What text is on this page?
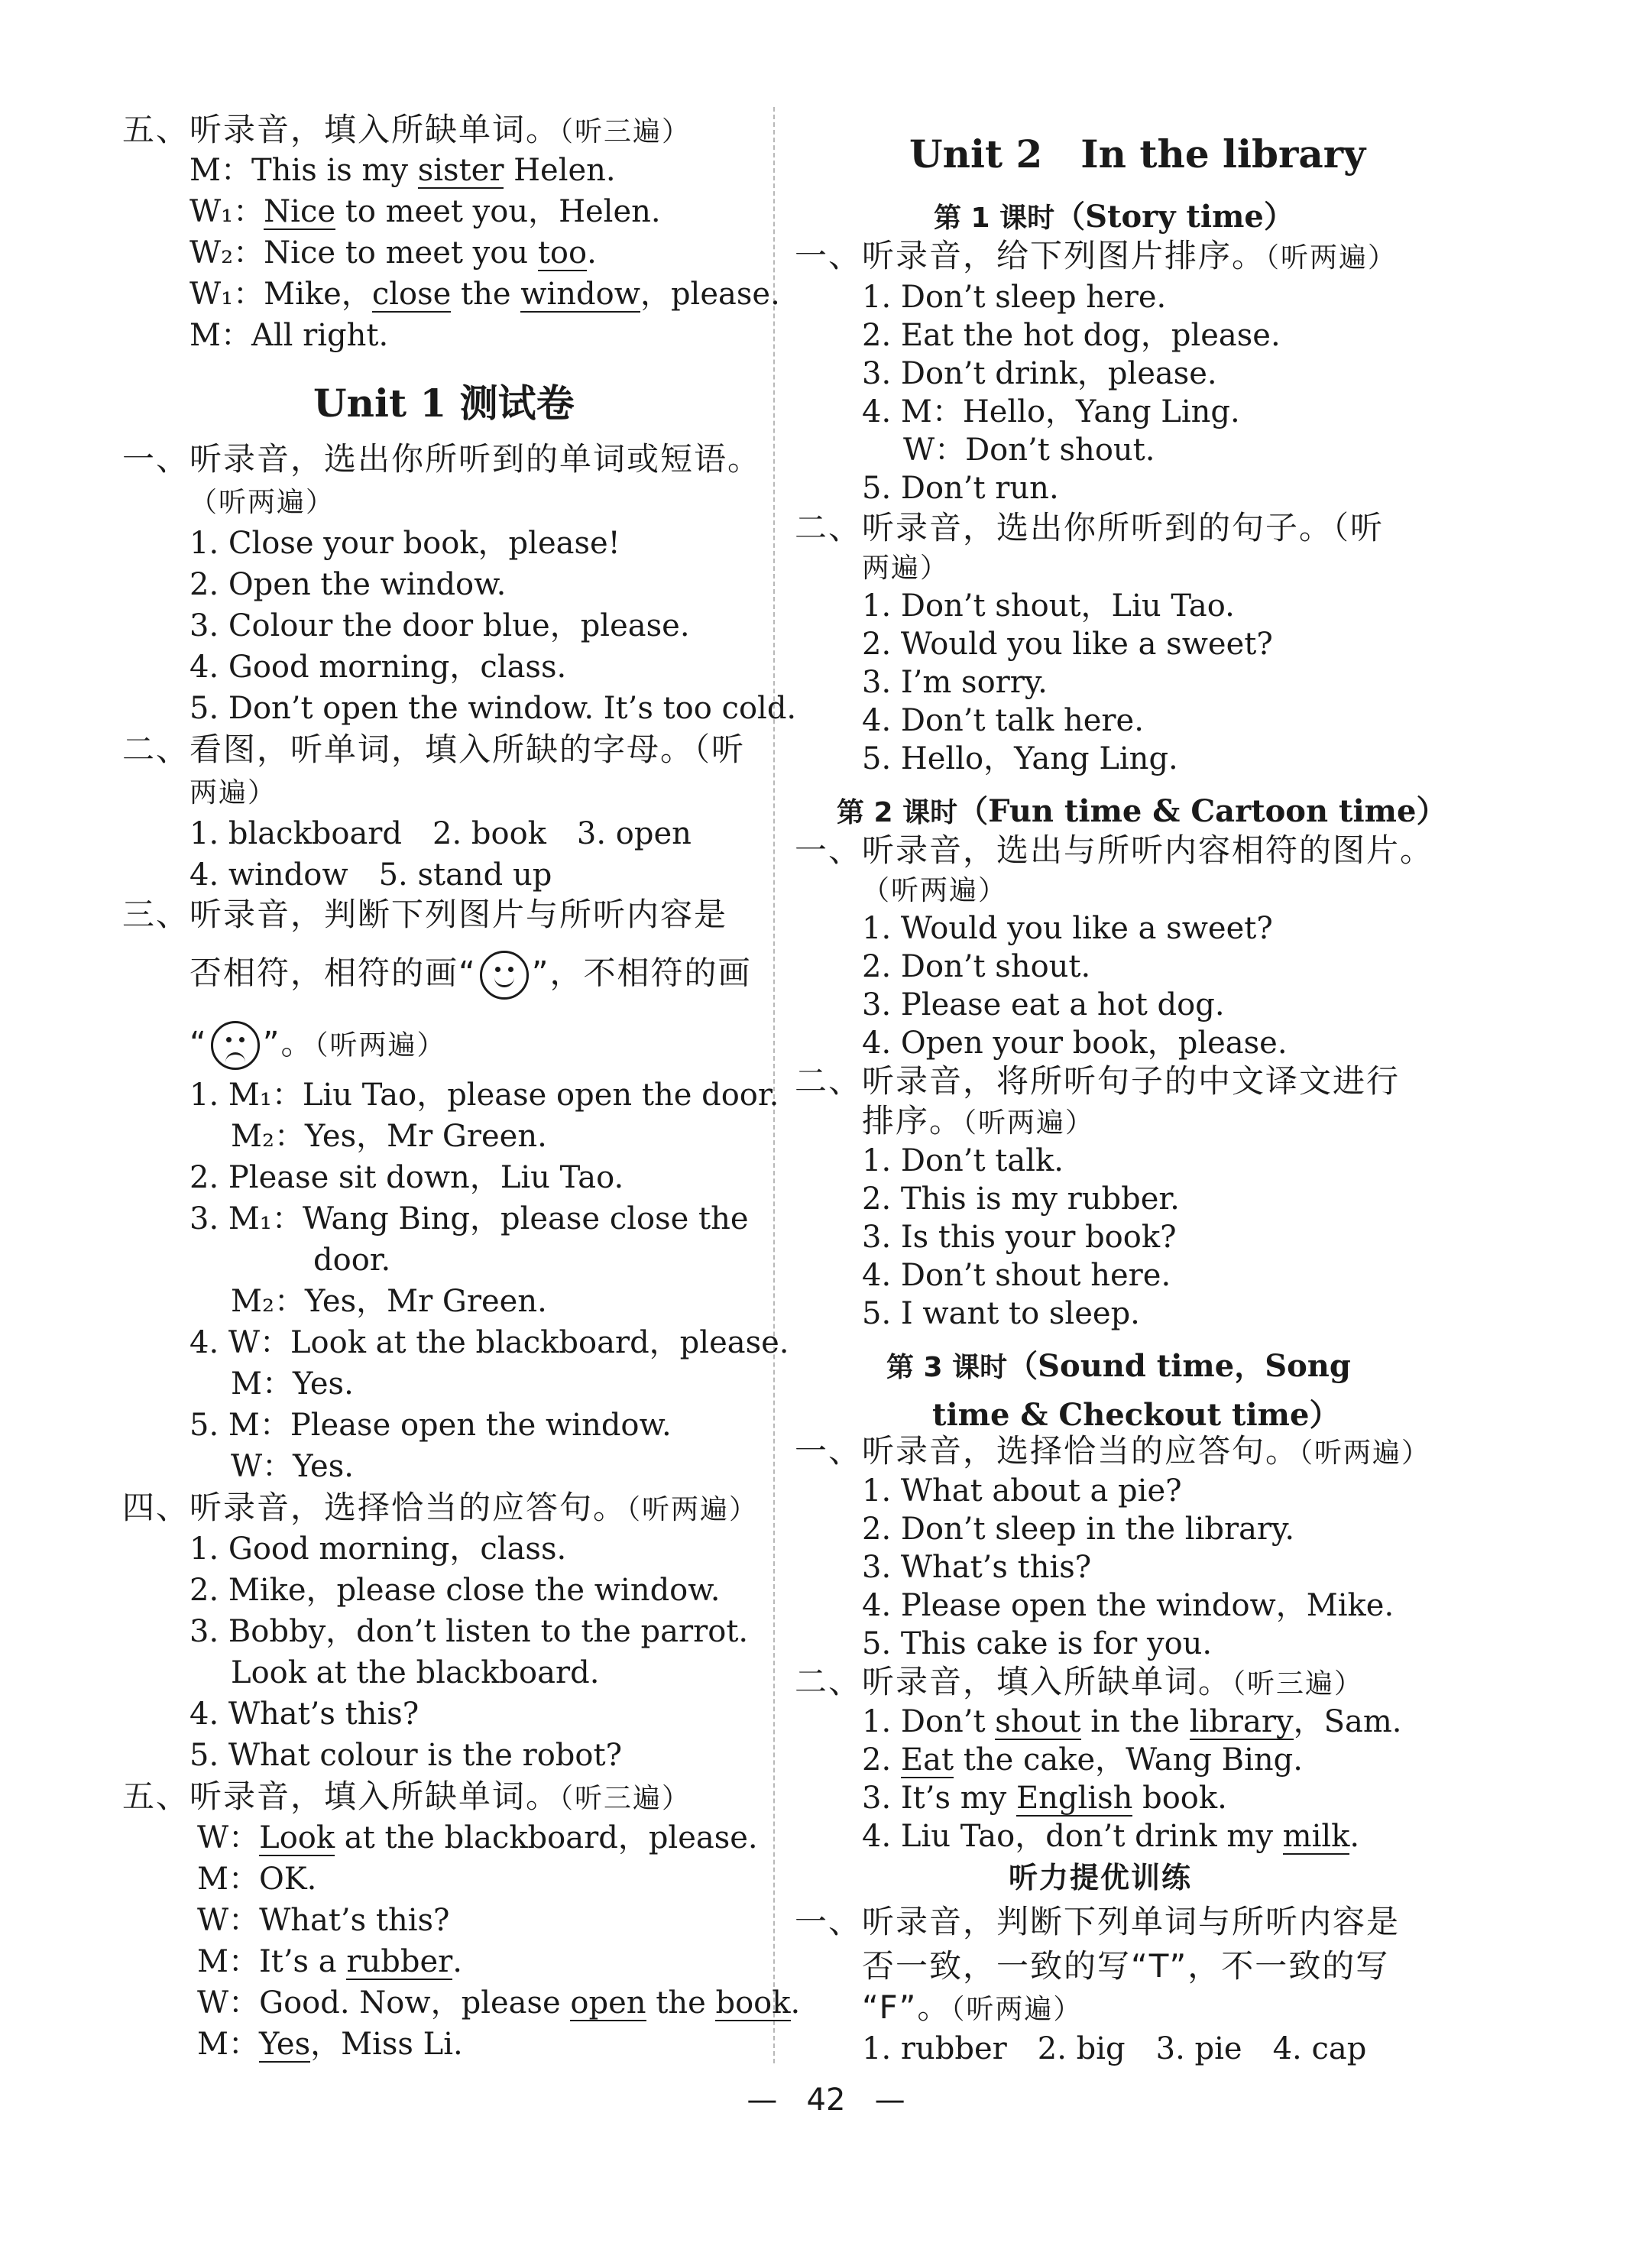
五、听录音，填入所缺单词。（听三遍）
M：This is my sister Helen.
W₁：Nice to meet you，Helen.
W₂：Nice to meet you too.
W₁：Mike，close the window，please.
M：All right.
Unit 1 测试卷
一、听录音，选出你所听到的单词或短语。
（听两遍）
1. Close your book，please!
2. Open the window.
3. Colour the door blue，please.
4. Good morning，class.
5. Don’t open the window. It’s too cold.
二、看图，听单词，填入所缺的字母。（听
两遍）
1. blackboard　2. book　3. open
4. window　5. stand up
三、听录音，判断下列图片与所听内容是
否相符，相符的画“ ”，不相符的画
“ ”。（听两遍）
1. M₁：Liu Tao，please open the door.
M₂：Yes，Mr Green.
2. Please sit down，Liu Tao.
3. M₁：Wang Bing，please close the
door.
M₂：Yes，Mr Green.
4. W：Look at the blackboard，please.
M：Yes.
5. M：Please open the window.
W：Yes.
四、听录音，选择恰当的应答句。（听两遍）
1. Good morning，class.
2. Mike，please close the window.
3. Bobby，don’t listen to the parrot.
Look at the blackboard.
4. What’s this?
5. What colour is the robot?
五、听录音，填入所缺单词。（听三遍）
W：Look at the blackboard，please.
M：OK.
W：What’s this?
M：It’s a rubber.
W：Good. Now，please open the book.
M：Yes，Miss Li.
Unit 2　In the library
第 1 课时（Story time）
一、听录音，给下列图片排序。（听两遍）
1. Don’t sleep here.
2. Eat the hot dog，please.
3. Don’t drink，please.
4. M：Hello，Yang Ling.
W：Don’t shout.
5. Don’t run.
二、听录音，选出你所听到的句子。（听
两遍）
1. Don’t shout，Liu Tao.
2. Would you like a sweet?
3. I’m sorry.
4. Don’t talk here.
5. Hello，Yang Ling.
第 2 课时（Fun time & Cartoon time）
一、听录音，选出与所听内容相符的图片。
（听两遍）
1. Would you like a sweet?
2. Don’t shout.
3. Please eat a hot dog.
4. Open your book，please.
二、听录音，将所听句子的中文译文进行
排序。（听两遍）
1. Don’t talk.
2. This is my rubber.
3. Is this your book?
4. Don’t shout here.
5. I want to sleep.
第 3 课时（Sound time，Song
time & Checkout time）
一、听录音，选择恰当的应答句。（听两遍）
1. What about a pie?
2. Don’t sleep in the library.
3. What’s this?
4. Please open the window，Mike.
5. This cake is for you.
二、听录音，填入所缺单词。（听三遍）
1. Don’t shout in the library，Sam.
2. Eat the cake，Wang Bing.
3. It’s my English book.
4. Liu Tao，don’t drink my milk.
听力提优训练
一、听录音，判断下列单词与所听内容是
否一致，一致的写“T”，不一致的写
“F”。（听两遍）
1. rubber　2. big　3. pie　4. cap
— 42 —
